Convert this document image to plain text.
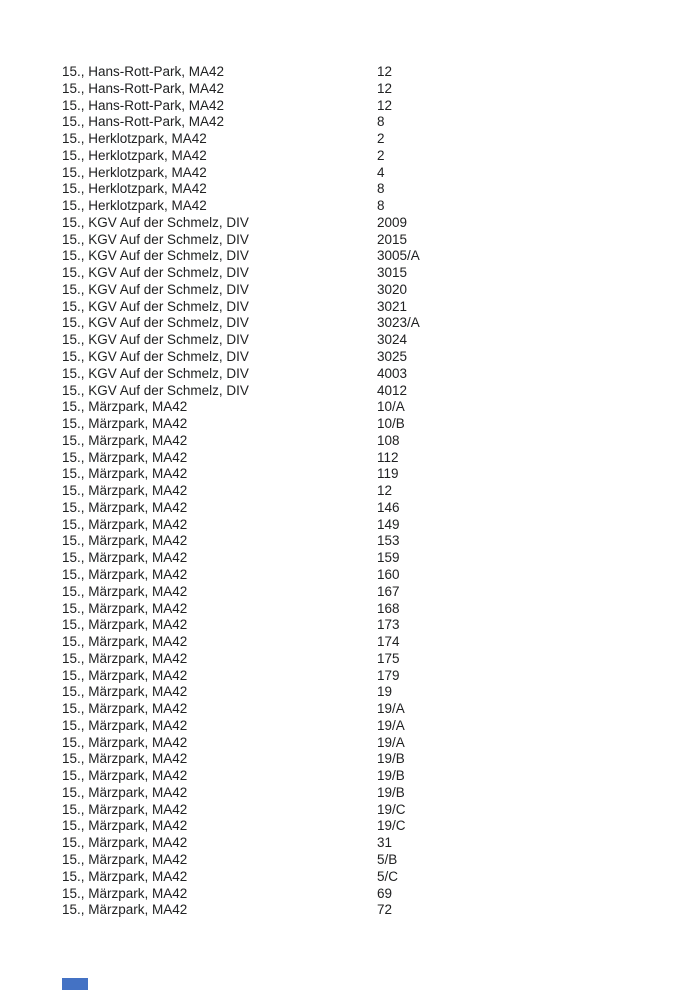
15., Hans-Rott-Park, MA42	12
15., Hans-Rott-Park, MA42	12
15., Hans-Rott-Park, MA42	12
15., Hans-Rott-Park, MA42	8
15., Herklotzpark, MA42	2
15., Herklotzpark, MA42	2
15., Herklotzpark, MA42	4
15., Herklotzpark, MA42	8
15., Herklotzpark, MA42	8
15., KGV Auf der Schmelz, DIV	2009
15., KGV Auf der Schmelz, DIV	2015
15., KGV Auf der Schmelz, DIV	3005/A
15., KGV Auf der Schmelz, DIV	3015
15., KGV Auf der Schmelz, DIV	3020
15., KGV Auf der Schmelz, DIV	3021
15., KGV Auf der Schmelz, DIV	3023/A
15., KGV Auf der Schmelz, DIV	3024
15., KGV Auf der Schmelz, DIV	3025
15., KGV Auf der Schmelz, DIV	4003
15., KGV Auf der Schmelz, DIV	4012
15., Märzpark, MA42	10/A
15., Märzpark, MA42	10/B
15., Märzpark, MA42	108
15., Märzpark, MA42	112
15., Märzpark, MA42	119
15., Märzpark, MA42	12
15., Märzpark, MA42	146
15., Märzpark, MA42	149
15., Märzpark, MA42	153
15., Märzpark, MA42	159
15., Märzpark, MA42	160
15., Märzpark, MA42	167
15., Märzpark, MA42	168
15., Märzpark, MA42	173
15., Märzpark, MA42	174
15., Märzpark, MA42	175
15., Märzpark, MA42	179
15., Märzpark, MA42	19
15., Märzpark, MA42	19/A
15., Märzpark, MA42	19/A
15., Märzpark, MA42	19/A
15., Märzpark, MA42	19/B
15., Märzpark, MA42	19/B
15., Märzpark, MA42	19/B
15., Märzpark, MA42	19/C
15., Märzpark, MA42	19/C
15., Märzpark, MA42	31
15., Märzpark, MA42	5/B
15., Märzpark, MA42	5/C
15., Märzpark, MA42	69
15., Märzpark, MA42	72
